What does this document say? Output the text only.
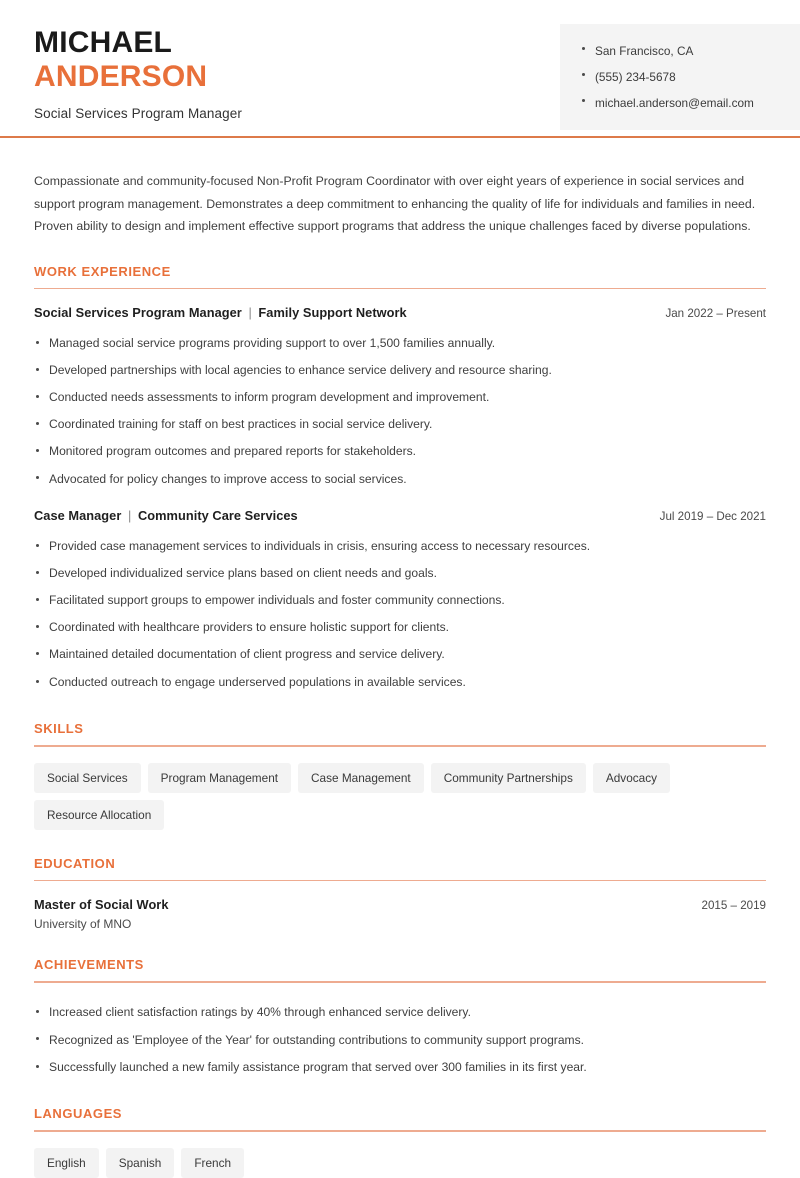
MICHAEL
ANDERSON
Social Services Program Manager
San Francisco, CA
(555) 234-5678
michael.anderson@email.com
Compassionate and community-focused Non-Profit Program Coordinator with over eight years of experience in social services and support program management. Demonstrates a deep commitment to enhancing the quality of life for individuals and families in need. Proven ability to design and implement effective support programs that address the unique challenges faced by diverse populations.
WORK EXPERIENCE
Social Services Program Manager | Family Support Network	Jan 2022 – Present
Managed social service programs providing support to over 1,500 families annually.
Developed partnerships with local agencies to enhance service delivery and resource sharing.
Conducted needs assessments to inform program development and improvement.
Coordinated training for staff on best practices in social service delivery.
Monitored program outcomes and prepared reports for stakeholders.
Advocated for policy changes to improve access to social services.
Case Manager | Community Care Services	Jul 2019 – Dec 2021
Provided case management services to individuals in crisis, ensuring access to necessary resources.
Developed individualized service plans based on client needs and goals.
Facilitated support groups to empower individuals and foster community connections.
Coordinated with healthcare providers to ensure holistic support for clients.
Maintained detailed documentation of client progress and service delivery.
Conducted outreach to engage underserved populations in available services.
SKILLS
Social Services	Program Management	Case Management	Community Partnerships	Advocacy
Resource Allocation
EDUCATION
Master of Social Work	2015 – 2019
University of MNO
ACHIEVEMENTS
Increased client satisfaction ratings by 40% through enhanced service delivery.
Recognized as 'Employee of the Year' for outstanding contributions to community support programs.
Successfully launched a new family assistance program that served over 300 families in its first year.
LANGUAGES
English	Spanish	French
